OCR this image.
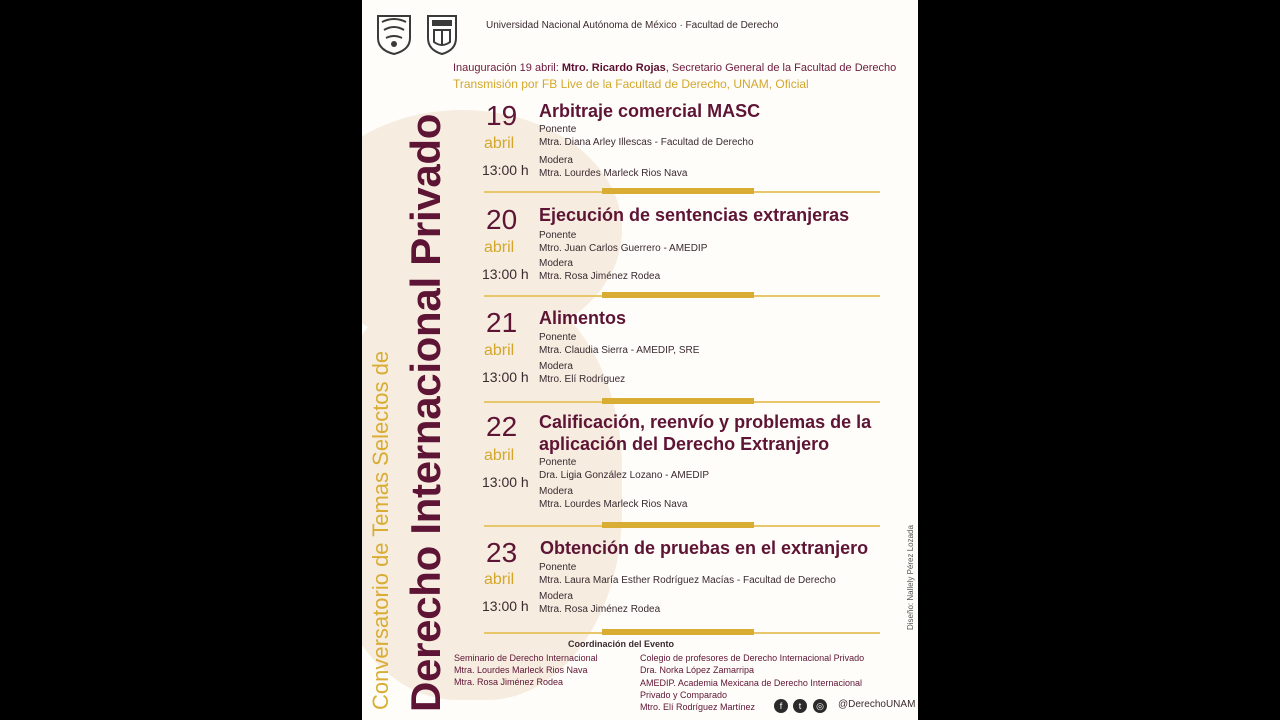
Universidad Nacional Autónoma de México · Facultad de Derecho
Inauguración 19 abril: Mtro. Ricardo Rojas, Secretario General de la Facultad de Derecho
Transmisión por FB Live de la Facultad de Derecho, UNAM, Oficial
Conversatorio de Temas Selectos de Derecho Internacional Privado 19
abril
13:00 h
Arbitraje comercial MASC
Ponente
Mtra. Diana Arley Illescas - Facultad de Derecho
Modera
Mtra. Lourdes Marleck Rios Nava
20
abril
13:00 h
Ejecución de sentencias extranjeras
Ponente
Mtro. Juan Carlos Guerrero - AMEDIP
Modera
Mtra. Rosa Jiménez Rodea
21
abril
13:00 h
Alimentos
Ponente
Mtra. Claudia Sierra - AMEDIP, SRE
Modera
Mtro. Elí Rodríguez
22
abril
13:00 h
Calificación, reenvío y problemas de la aplicación del Derecho Extranjero
Ponente
Dra. Ligia González Lozano - AMEDIP
Modera
Mtra. Lourdes Marleck Rios Nava
23
abril
13:00 h
Obtención de pruebas en el extranjero
Ponente
Mtra. Laura María Esther Rodríguez Macías - Facultad de Derecho
Modera
Mtra. Rosa Jiménez Rodea
Coordinación del Evento
Seminario de Derecho Internacional
Mtra. Lourdes Marleck Rios Nava
Mtra. Rosa Jiménez Rodea
Colegio de profesores de Derecho Internacional Privado
Dra. Norka López Zamarripa
AMEDIP. Academia Mexicana de Derecho Internacional
Privado y Comparado
Mtro. Elí Rodríguez Martínez	f	t	◎	@DerechoUNAM
Diseño: Nallely Pérez Lozada
